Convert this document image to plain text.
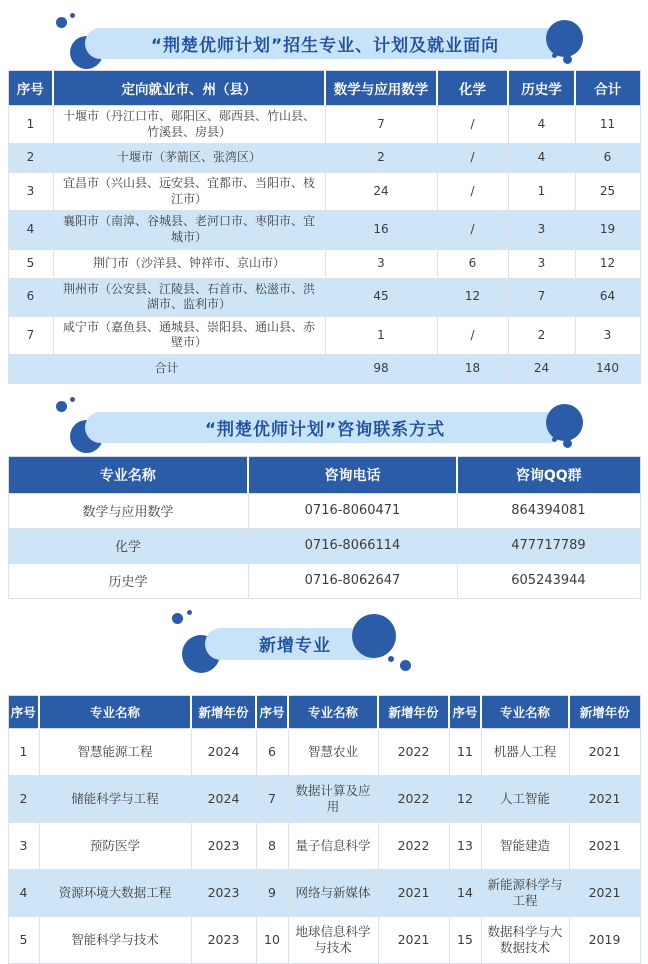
“荆楚优师计划”招生专业、计划及就业面向
序号	定向就业市、州（县）	数学与应用数学	化学	历史学	合计
1	十堰市（丹江口市、郧阳区、郧西县、竹山县、竹溪县、房县）	7	/	4	11
2	十堰市（茅箭区、张湾区）	2	/	4	6
3	宜昌市（兴山县、远安县、宜都市、当阳市、枝江市）	24	/	1	25
4	襄阳市（南漳、谷城县、老河口市、枣阳市、宜城市）	16	/	3	19
5	荆门市（沙洋县、钟祥市、京山市）	3	6	3	12
6	荆州市（公安县、江陵县、石首市、松滋市、洪湖市、监利市）	45	12	7	64
7	咸宁市（嘉鱼县、通城县、崇阳县、通山县、赤壁市）	1	/	2	3
合计		98	18	24	140
“荆楚优师计划”咨询联系方式
专业名称	咨询电话	咨询QQ群
数学与应用数学	0716-8060471	864394081
化学	0716-8066114	477717789
历史学	0716-8062647	605243944
新增专业
序号	专业名称	新增年份	序号	专业名称	新增年份	序号	专业名称	新增年份
1	智慧能源工程	2024	6	智慧农业	2022	11	机器人工程	2021
2	储能科学与工程	2024	7	数据计算及应用	2022	12	人工智能	2021
3	预防医学	2023	8	量子信息科学	2022	13	智能建造	2021
4	资源环境大数据工程	2023	9	网络与新媒体	2021	14	新能源科学与工程	2021
5	智能科学与技术	2023	10	地球信息科学与技术	2021	15	数据科学与大数据技术	2019
